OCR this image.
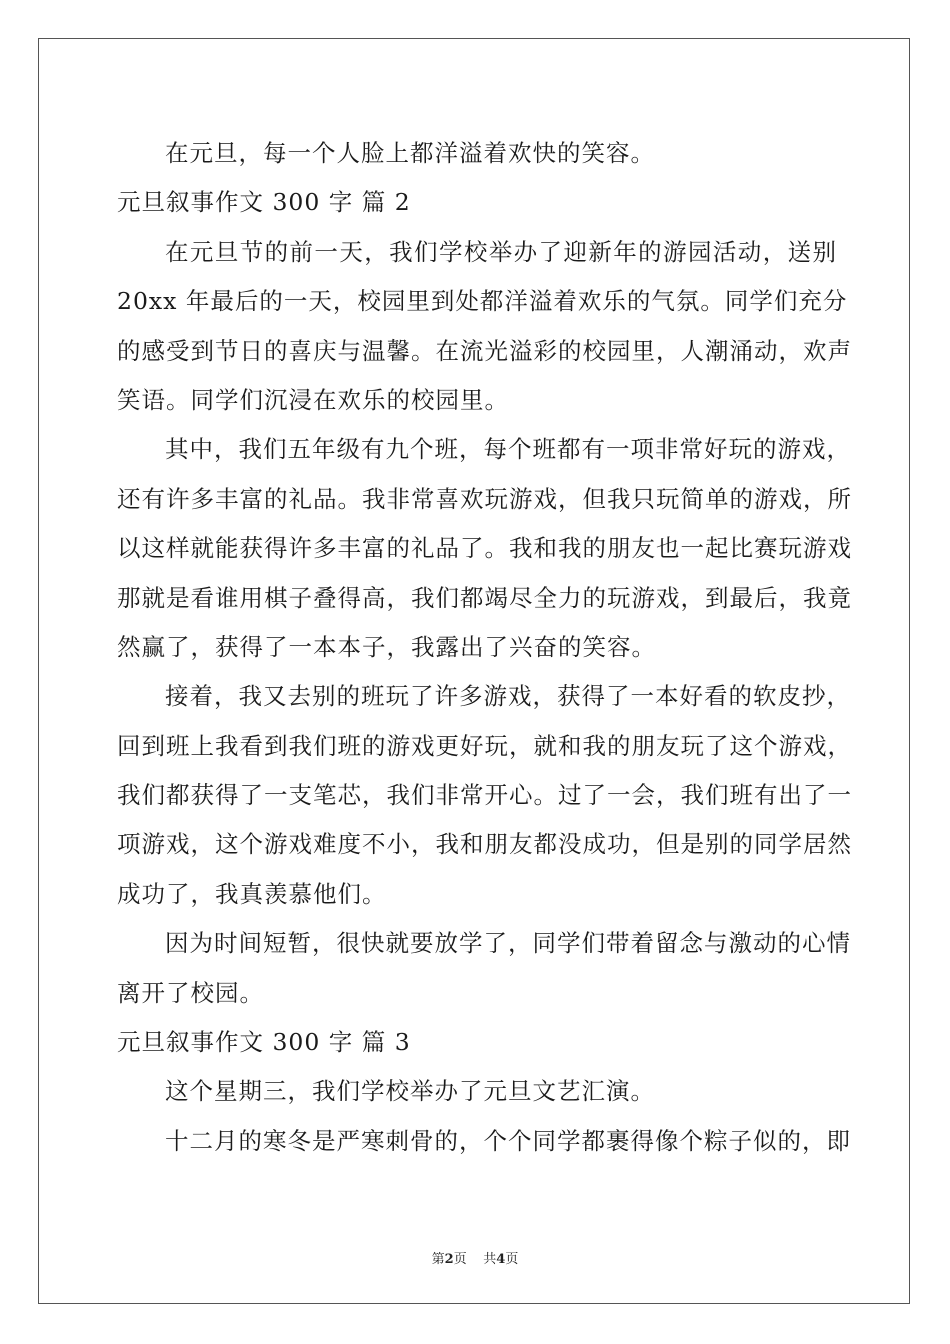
在元旦，每一个人脸上都洋溢着欢快的笑容。
元旦叙事作文 300 字 篇 2
在元旦节的前一天，我们学校举办了迎新年的游园活动，送别
20xx 年最后的一天，校园里到处都洋溢着欢乐的气氛。同学们充分
的感受到节日的喜庆与温馨。在流光溢彩的校园里，人潮涌动，欢声
笑语。同学们沉浸在欢乐的校园里。
其中，我们五年级有九个班，每个班都有一项非常好玩的游戏，
还有许多丰富的礼品。我非常喜欢玩游戏，但我只玩简单的游戏，所
以这样就能获得许多丰富的礼品了。我和我的朋友也一起比赛玩游戏
那就是看谁用棋子叠得高，我们都竭尽全力的玩游戏，到最后，我竟
然赢了，获得了一本本子，我露出了兴奋的笑容。
接着，我又去别的班玩了许多游戏，获得了一本好看的软皮抄，
回到班上我看到我们班的游戏更好玩，就和我的朋友玩了这个游戏，
我们都获得了一支笔芯，我们非常开心。过了一会，我们班有出了一
项游戏，这个游戏难度不小，我和朋友都没成功，但是别的同学居然
成功了，我真羡慕他们。
因为时间短暂，很快就要放学了，同学们带着留念与激动的心情
离开了校园。
元旦叙事作文 300 字 篇 3
这个星期三，我们学校举办了元旦文艺汇演。
十二月的寒冬是严寒刺骨的，个个同学都裹得像个粽子似的，即
第2页 共4页
